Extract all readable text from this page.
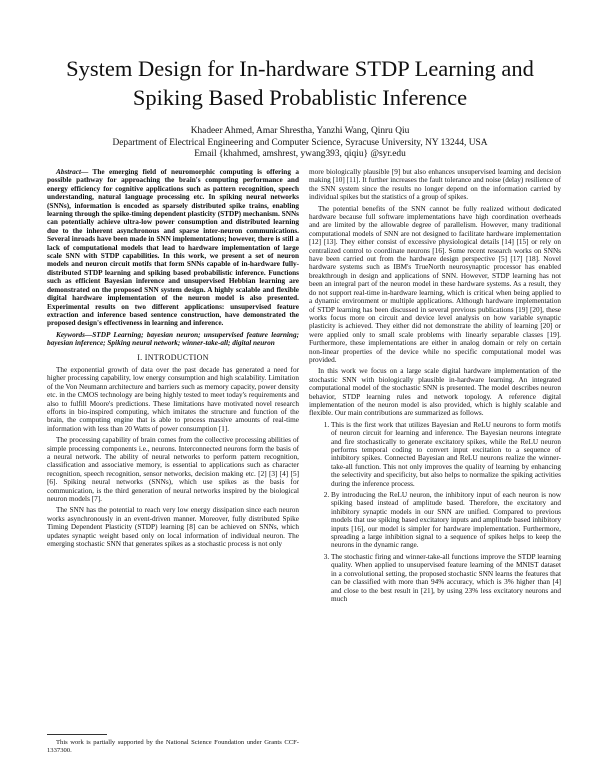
System Design for In-hardware STDP Learning and
Spiking Based Probablistic Inference
Khadeer Ahmed, Amar Shrestha, Yanzhi Wang, Qinru Qiu
Department of Electrical Engineering and Computer Science, Syracuse University, NY 13244, USA
Email {khahmed, amshrest, ywang393, qiqiu} @syr.edu

Abstract— The emerging field of neuromorphic computing is offering a possible pathway for approaching the brain's computing performance and energy efficiency for cognitive applications such as pattern recognition, speech understanding, natural language processing etc. In spiking neural networks (SNNs), information is encoded as sparsely distributed spike trains, enabling learning through the spike-timing dependent plasticity (STDP) mechanism. SNNs can potentially achieve ultra-low power consumption and distributed learning due to the inherent asynchronous and sparse inter-neuron communications. Several inroads have been made in SNN implementations; however, there is still a lack of computational models that lead to hardware implementation of large scale SNN with STDP capabilities. In this work, we present a set of neuron models and neuron circuit motifs that form SNNs capable of in-hardware fully-distributed STDP learning and spiking based probabilistic inference. Functions such as efficient Bayesian inference and unsupervised Hebbian learning are demonstrated on the proposed SNN system design. A highly scalable and flexible digital hardware implementation of the neuron model is also presented. Experimental results on two different applications: unsupervised feature extraction and inference based sentence construction, have demonstrated the proposed design's effectiveness in learning and inference.

Keywords—STDP Learning; bayesian neuron; unsupervised feature learning; bayesian inference; Spiking neural network; winner-take-all; digital neuron

I. INTRODUCTION

The exponential growth of data over the past decade has generated a need for higher processing capability, low energy consumption and high scalability. Limitation of the Von Neumann architecture and barriers such as memory capacity, power density etc. in the CMOS technology are being highly tested to meet today's requirements and also to fulfill Moore's predictions. These limitations have motivated novel research efforts in bio-inspired computing, which imitates the structure and function of the brain, the computing engine that is able to process massive amounts of real-time information with less than 20 Watts of power consumption [1].

The processing capability of brain comes from the collective processing abilities of simple processing components i.e., neurons. Interconnected neurons form the basis of a neural network. The ability of neural networks to perform pattern recognition, classification and associative memory, is essential to applications such as character recognition, speech recognition, sensor networks, decision making etc. [2] [3] [4] [5] [6]. Spiking neural networks (SNNs), which use spikes as the basis for communication, is the third generation of neural networks inspired by the biological neuron models [7].

The SNN has the potential to reach very low energy dissipation since each neuron works asynchronously in an event-driven manner. Moreover, fully distributed Spike Timing Dependent Plasticity (STDP) learning [8] can be achieved on SNNs, which updates synaptic weight based only on local information of individual neuron. The emerging stochastic SNN that generates spikes as a stochastic process is not only

This work is partially supported by the National Science Foundation under Grants CCF-1337300.

more biologically plausible [9] but also enhances unsupervised learning and decision making [10] [11]. It further increases the fault tolerance and noise (delay) resilience of the SNN system since the results no longer depend on the information carried by individual spikes but the statistics of a group of spikes.

The potential benefits of the SNN cannot be fully realized without dedicated hardware because full software implementations have high coordination overheads and are limited by the allowable degree of parallelism. However, many traditional computational models of SNN are not designed to facilitate hardware implementation [12] [13]. They either consist of excessive physiological details [14] [15] or rely on centralized control to coordinate neurons [16]. Some recent research works on SNNs have been carried out from the hardware design perspective [5] [17] [18]. Novel hardware systems such as IBM's TrueNorth neurosynaptic processor has enabled breakthrough in design and applications of SNN. However, STDP learning has not been an integral part of the neuron model in these hardware systems. As a result, they do not support real-time in-hardware learning, which is critical when being applied to a dynamic environment or multiple applications. Although hardware implementation of STDP learning has been discussed in several previous publications [19] [20], these works focus more on circuit and device level analysis on how variable synaptic plasticity is achieved. They either did not demonstrate the ability of learning [20] or were applied only to small scale problems with linearly separable classes [19]. Furthermore, these implementations are either in analog domain or rely on certain non-linear properties of the device while no specific computational model was provided.

In this work we focus on a large scale digital hardware implementation of the stochastic SNN with biologically plausible in-hardware learning. An integrated computational model of the stochastic SNN is presented. The model describes neuron behavior, STDP learning rules and network topology. A reference digital implementation of the neuron model is also provided, which is highly scalable and flexible. Our main contributions are summarized as follows.

1. This is the first work that utilizes Bayesian and ReLU neurons to form motifs of neuron circuit for learning and inference. The Bayesian neurons integrate and fire stochastically to generate excitatory spikes, while the ReLU neuron performs temporal coding to convert input excitation to a sequence of inhibitory spikes. Connected Bayesian and ReLU neurons realize the winner-take-all function. This not only improves the quality of learning by enhancing the selectivity and specificity, but also helps to normalize the spiking activities during the inference process.
2. By introducing the ReLU neuron, the inhibitory input of each neuron is now spiking based instead of amplitude based. Therefore, the excitatory and inhibitory synaptic models in our SNN are unified. Compared to previous models that use spiking based excitatory inputs and amplitude based inhibitory inputs [16], our model is simpler for hardware implementation. Furthermore, spreading a large inhibition signal to a sequence of spikes helps to keep the neurons in the dynamic range.
3. The stochastic firing and winner-take-all functions improve the STDP learning quality. When applied to unsupervised feature learning of the MNIST dataset in a convolutional setting, the proposed stochastic SNN learns the features that can be classified with more than 94% accuracy, which is 3% higher than [4] and close to the best result in [21], by using 23% less excitatory neurons and much
